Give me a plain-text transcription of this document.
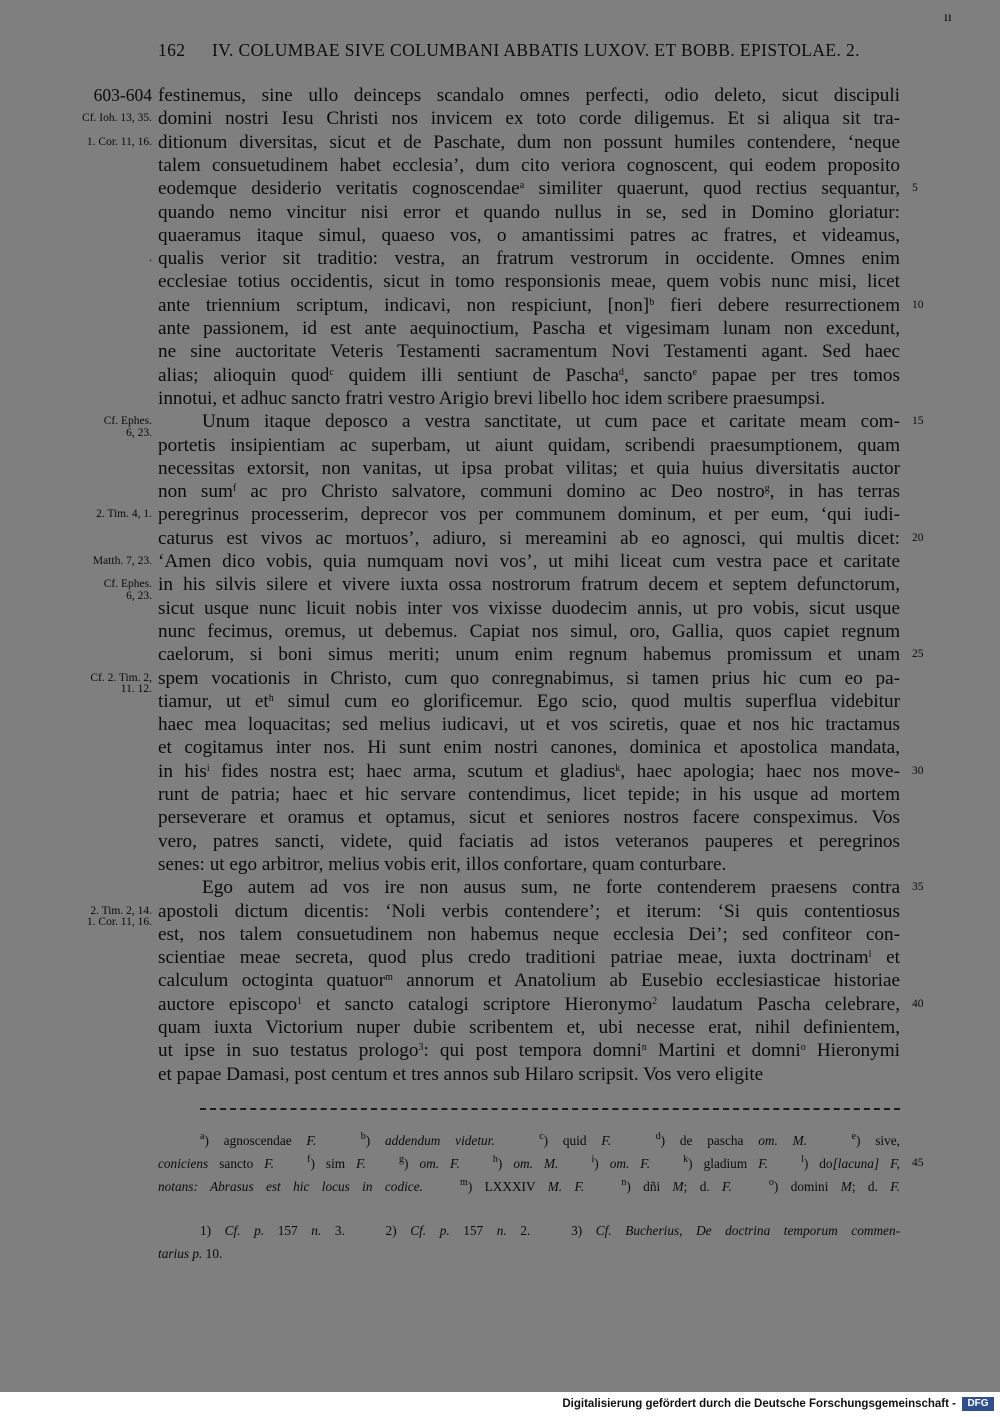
ıı
162 IV. COLUMBAE SIVE COLUMBANI ABBATIS LUXOV. ET BOBB. EPISTOLAE. 2.
festinemus, sine ullo deinceps scandalo omnes perfecti, odio deleto, sicut discipuli
domini nostri Iesu Christi nos invicem ex toto corde diligemus. Et si aliqua sit tra-
ditionum diversitas, sicut et de Paschate, dum non possunt humiles contendere, ‘neque
talem consuetudinem habet ecclesia’, dum cito veriora cognoscent, qui eodem proposito
eodemque desiderio veritatis cognoscendae$^a$ similiter quaerunt, quod rectius sequantur,
quando nemo vincitur nisi error et quando nullus in se, sed in Domino gloriatur:
quaeramus itaque simul, quaeso vos, o amantissimi patres ac fratres, et videamus,
qualis verior sit traditio: vestra, an fratrum vestrorum in occidente. Omnes enim
ecclesiae totius occidentis, sicut in tomo responsionis meae, quem vobis nunc misi, licet
ante triennium scriptum, indicavi, non respiciunt, [non]$^b$ fieri debere resurrectionem
ante passionem, id est ante aequinoctium, Pascha et vigesimam lunam non excedunt,
ne sine auctoritate Veteris Testamenti sacramentum Novi Testamenti agant. Sed haec
alias; alioquin quod$^c$ quidem illi sentiunt de Pascha$^d$, sancto$^e$ papae per tres tomos
innotui, et adhuc sancto fratri vestro Arigio brevi libello hoc idem scribere praesumpsi.
Unum itaque deposco a vestra sanctitate, ut cum pace et caritate meam com-
portetis insipientiam ac superbam, ut aiunt quidam, scribendi praesumptionem, quam
necessitas extorsit, non vanitas, ut ipsa probat vilitas; et quia huius diversitatis auctor
non sum$^f$ ac pro Christo salvatore, communi domino ac Deo nostro$^g$, in has terras
peregrinus processerim, deprecor vos per communem dominum, et per eum, ‘qui iudi-
caturus est vivos ac mortuos’, adiuro, si mereamini ab eo agnosci, qui multis dicet:
‘Amen dico vobis, quia numquam novi vos’, ut mihi liceat cum vestra pace et caritate
in his silvis silere et vivere iuxta ossa nostrorum fratrum decem et septem defunctorum,
sicut usque nunc licuit nobis inter vos vixisse duodecim annis, ut pro vobis, sicut usque
nunc fecimus, oremus, ut debemus. Capiat nos simul, oro, Gallia, quos capiet regnum
caelorum, si boni simus meriti; unum enim regnum habemus promissum et unam
spem vocationis in Christo, cum quo conregnabimus, si tamen prius hic cum eo pa-
tiamur, ut $et^h$ simul cum eo glorificemur. Ego scio, quod multis superflua videbitur
haec mea loquacitas; sed melius iudicavi, ut et vos sciretis, quae et nos hic tractamus
et cogitamus inter nos. Hi sunt enim nostri canones, dominica et apostolica mandata,
in his$^i$ fides nostra est; haec arma, scutum et gladius$^k$, haec apologia; haec nos move-
runt de patria; haec et hic servare contendimus, licet tepide; in his usque ad mortem
perseverare et oramus et optamus, sicut et seniores nostros facere conspeximus. Vos
vero, patres sancti, videte, quid faciatis ad istos veteranos pauperes et peregrinos
senes: ut ego arbitror, melius vobis erit, illos confortare, quam conturbare.
Ego autem ad vos ire non ausus sum, ne forte contenderem praesens contra
apostoli dictum dicentis: ‘Noli verbis contendere’; et iterum: ‘Si quis contentiosus
est, nos talem consuetudinem non habemus neque ecclesia Dei’; sed confiteor con-
scientiae meae secreta, quod plus credo traditioni patriae meae, iuxta doctrinam$^l$ et
calculum octoginta quatuor$^m$ annorum et Anatolium ab Eusebio ecclesiasticae historiae
auctore episcopo$^1$ et sancto catalogi scriptore Hieronymo$^2$ laudatum Pascha celebrare,
quam iuxta Victorium nuper dubie scribentem et, ubi necesse erat, nihil definientem,
ut ipse in suo testatus prologo$^3$: qui post tempora domni$^n$ Martini et domni$^o$ Hieronymi
et papae Damasi, post centum et tres annos sub Hilaro scripsit. Vos vero eligite
603-604
Cf. Ioh. 13, 35.
1. Cor. 11, 16.
.
Cf. Ephes.
6, 23.
2. Tim. 4, 1.
Matth. 7, 23.
Cf. Ephes.
6, 23.
Cf. 2. Tim. 2,
11. 12.
2. Tim. 2, 14.
1. Cor. 11, 16.
5
10
15
20
25
30
35
40
$^a$) agnoscendae F.	$^b$) addendum videtur.	$^c$) quid F.	$^d$) de pascha om. M.	$^e$) sive,
coniciens sancto F.	$^f$) sim F.	$^g$) om. F.	$^h$) om. M.	$^i$) om. F.	$^k$) gladium F.	$^l$) do[lacuna] F,
notans: Abrasus est hic locus in codice.	$^m$) LXXXIV M. F.	$^n$) dñi M; d. F.	$^o$) domini M; d. F.
45
1) Cf. p. 157 n. 3.   2) Cf. p. 157 n. 2.   3) Cf. Bucherius, De doctrina temporum commen-
tarius p. 10.
Digitalisierung gefördert durch die Deutsche Forschungsgemeinschaft -	DFG
